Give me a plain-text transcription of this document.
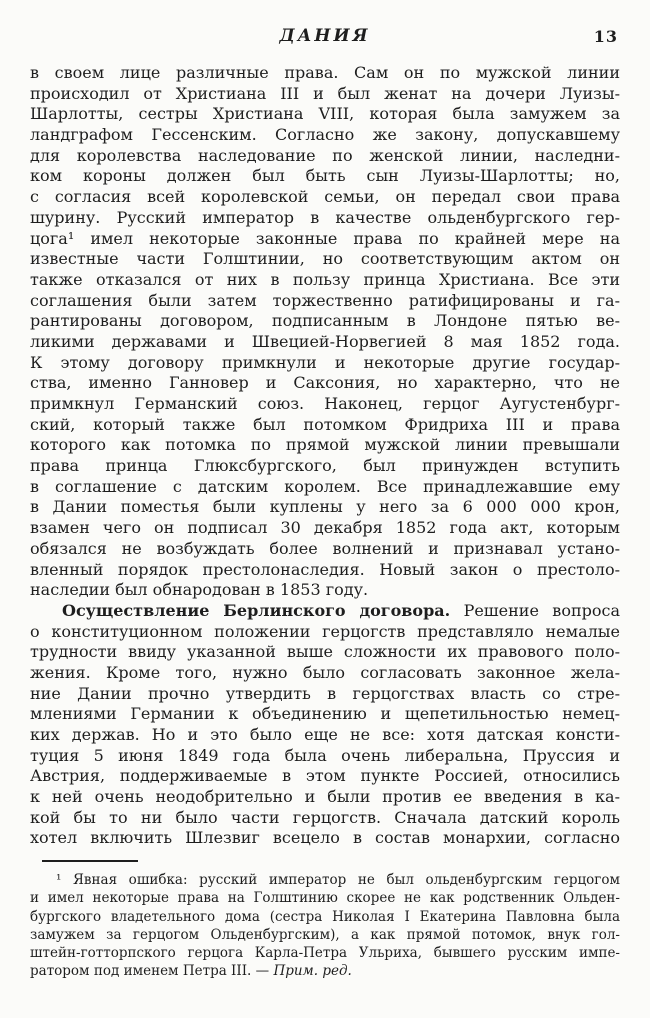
ДАНИЯ	13
в своем лице различные права. Сам он по мужской линии
происходил от Христиана III и был женат на дочери Луизы-
Шарлотты, сестры Христиана VIII, которая была замужем за
ландграфом Гессенским. Согласно же закону, допускавшему
для королевства наследование по женской линии, наследни-
ком короны должен был быть сын Луизы-Шарлотты; но,
с согласия всей королевской семьи, он передал свои права
шурину. Русский император в качестве ольденбургского гер-
цога¹ имел некоторые законные права по крайней мере на
известные части Голштинии, но соответствующим актом он
также отказался от них в пользу принца Христиана. Все эти
соглашения были затем торжественно ратифицированы и га-
рантированы договором, подписанным в Лондоне пятью ве-
ликими державами и Швецией-Норвегией 8 мая 1852 года.
К этому договору примкнули и некоторые другие государ-
ства, именно Ганновер и Саксония, но характерно, что не
примкнул Германский союз. Наконец, герцог Аугустенбург-
ский, который также был потомком Фридриха III и права
которого как потомка по прямой мужской линии превышали
права принца Глюксбургского, был принужден вступить
в соглашение с датским королем. Все принадлежавшие ему
в Дании поместья были куплены у него за 6 000 000 крон,
взамен чего он подписал 30 декабря 1852 года акт, которым
обязался не возбуждать более волнений и признавал устано-
вленный порядок престолонаследия. Новый закон о престоло-
наследии был обнародован в 1853 году.
Осуществление Берлинского договора. Решение вопроса
о конституционном положении герцогств представляло немалые
трудности ввиду указанной выше сложности их правового поло-
жения. Кроме того, нужно было согласовать законное жела-
ние Дании прочно утвердить в герцогствах власть со стре-
млениями Германии к объединению и щепетильностью немец-
ких держав. Но и это было еще не все: хотя датская консти-
туция 5 июня 1849 года была очень либеральна, Пруссия и
Австрия, поддерживаемые в этом пункте Россией, относились
к ней очень неодобрительно и были против ее введения в ка-
кой бы то ни было части герцогств. Сначала датский король
хотел включить Шлезвиг всецело в состав монархии, согласно
¹ Явная ошибка: русский император не был ольденбургским герцогом
и имел некоторые права на Голштинию скорее не как родственник Ольден-
бургского владетельного дома (сестра Николая I Екатерина Павловна была
замужем за герцогом Ольденбургским), а как прямой потомок, внук гол-
штейн-готторпского герцога Карла-Петра Ульриха, бывшего русским импе-
ратором под именем Петра III. — Прим. ред.
